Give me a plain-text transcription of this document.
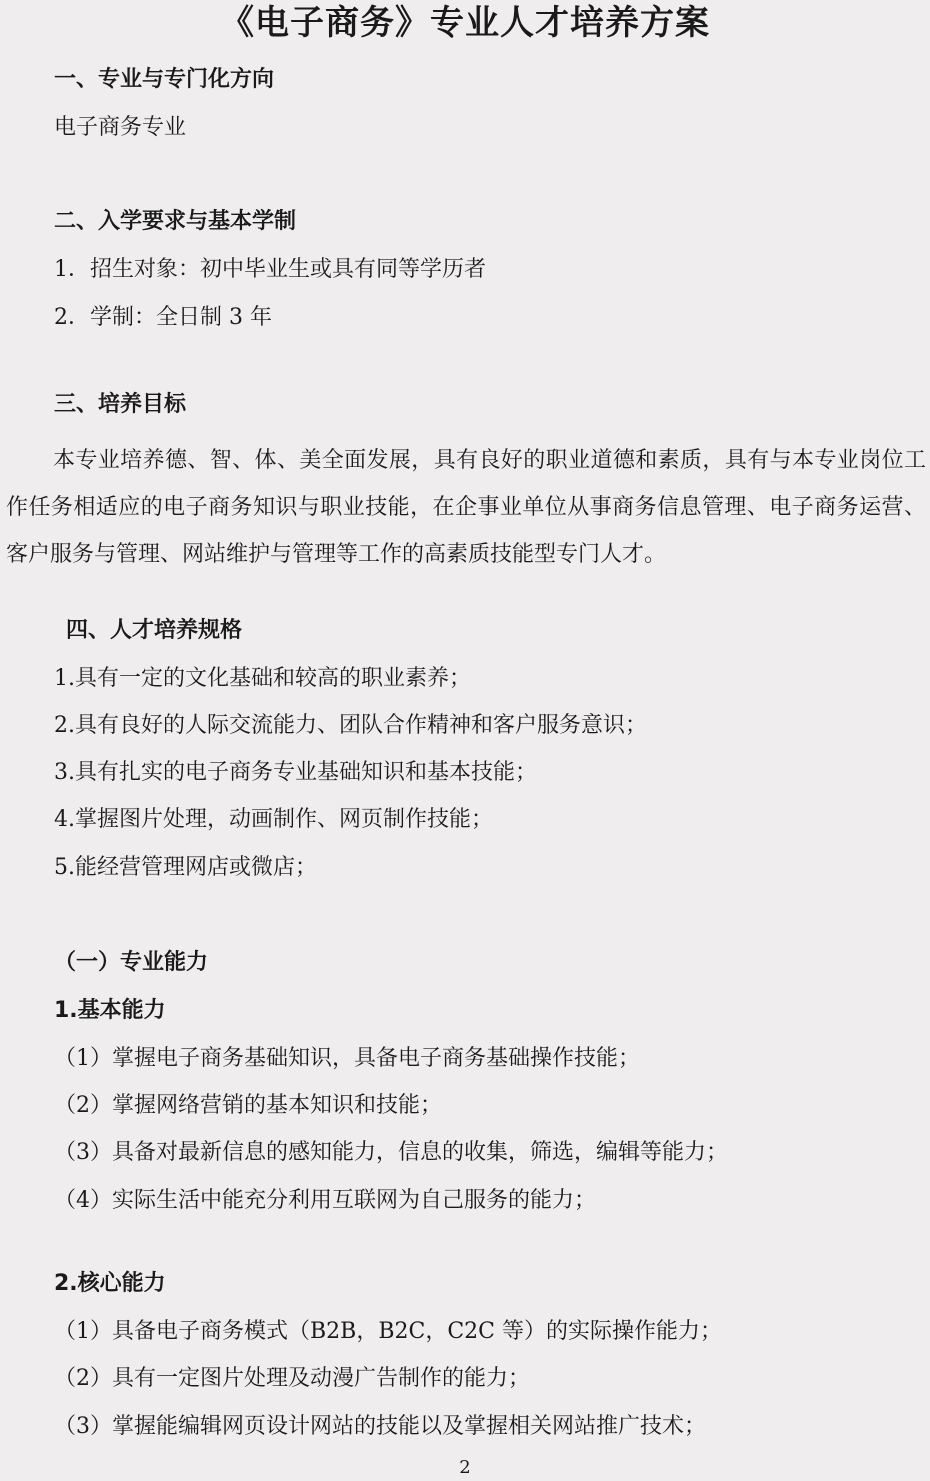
《电子商务》专业人才培养方案
一、专业与专门化方向
电子商务专业
二、入学要求与基本学制
1．招生对象：初中毕业生或具有同等学历者
2．学制：全日制 3 年
三、培养目标
本专业培养德、智、体、美全面发展，具有良好的职业道德和素质，具有与本专业岗位工作任务相适应的电子商务知识与职业技能，在企事业单位从事商务信息管理、电子商务运营、客户服务与管理、网站维护与管理等工作的高素质技能型专门人才。
四、人才培养规格
1.具有一定的文化基础和较高的职业素养；
2.具有良好的人际交流能力、团队合作精神和客户服务意识；
3.具有扎实的电子商务专业基础知识和基本技能；
4.掌握图片处理，动画制作、网页制作技能；
5.能经营管理网店或微店；
（一）专业能力
1.基本能力
（1）掌握电子商务基础知识，具备电子商务基础操作技能；
（2）掌握网络营销的基本知识和技能；
（3）具备对最新信息的感知能力，信息的收集，筛选，编辑等能力；
（4）实际生活中能充分利用互联网为自己服务的能力；
2.核心能力
（1）具备电子商务模式（B2B，B2C，C2C 等）的实际操作能力；
（2）具有一定图片处理及动漫广告制作的能力；
（3）掌握能编辑网页设计网站的技能以及掌握相关网站推广技术；
2
